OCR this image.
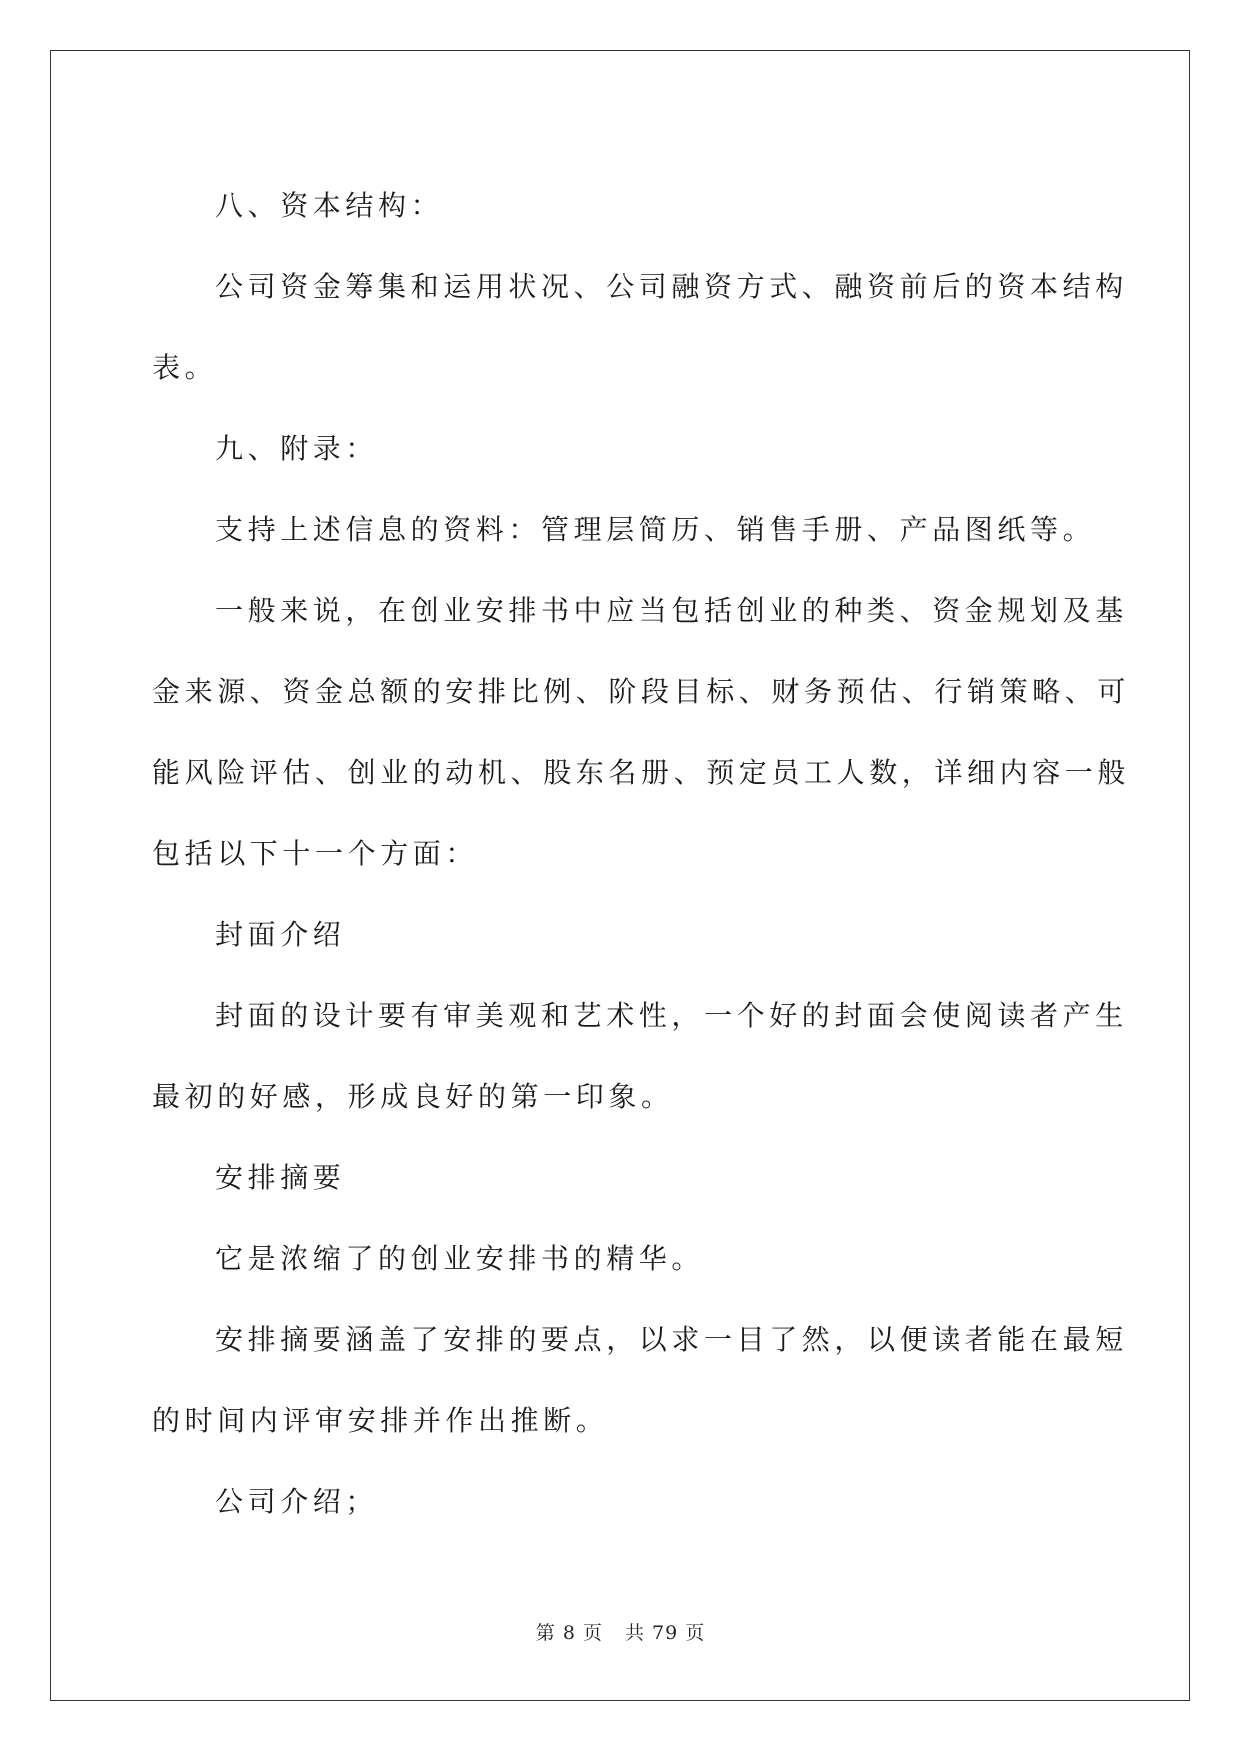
八、资本结构：
公司资金筹集和运用状况、公司融资方式、融资前后的资本结构
表。
九、附录：
支持上述信息的资料：管理层简历、销售手册、产品图纸等。
一般来说，在创业安排书中应当包括创业的种类、资金规划及基
金来源、资金总额的安排比例、阶段目标、财务预估、行销策略、可
能风险评估、创业的动机、股东名册、预定员工人数，详细内容一般
包括以下十一个方面：
封面介绍
封面的设计要有审美观和艺术性，一个好的封面会使阅读者产生
最初的好感，形成良好的第一印象。
安排摘要
它是浓缩了的创业安排书的精华。
安排摘要涵盖了安排的要点，以求一目了然，以便读者能在最短
的时间内评审安排并作出推断。
公司介绍；
第 8 页 共 79 页
